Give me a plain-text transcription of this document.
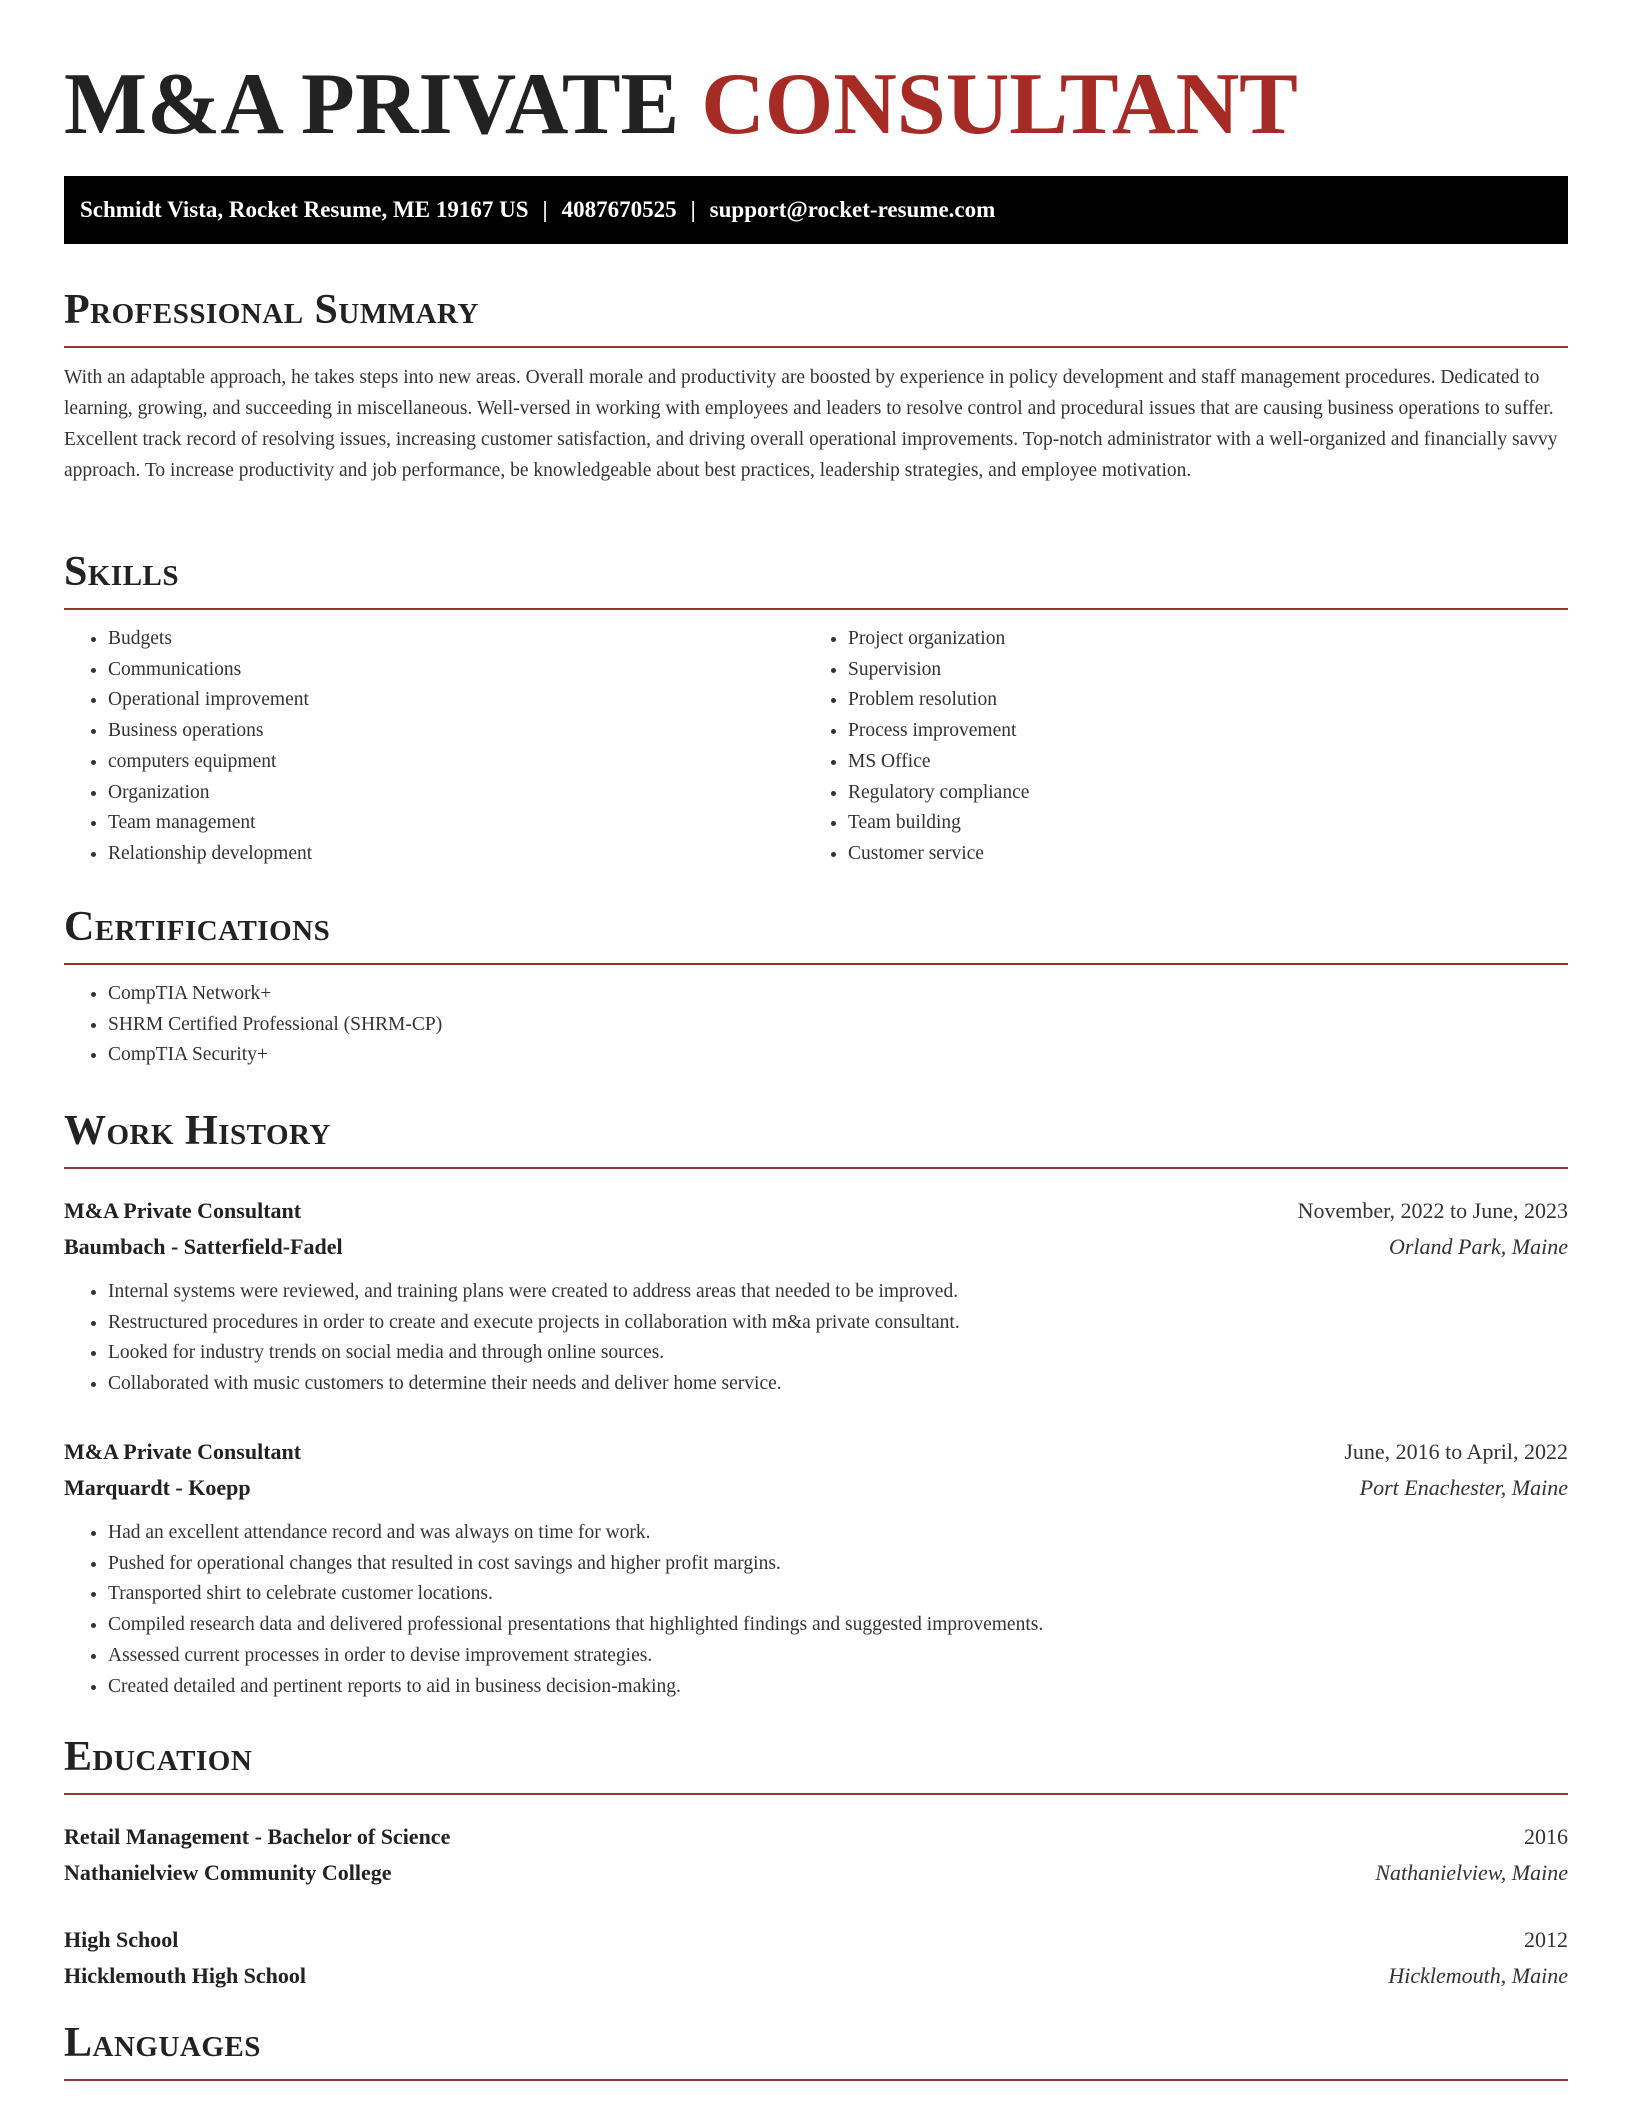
M&A PRIVATE CONSULTANT
Schmidt Vista, Rocket Resume, ME 19167 US | 4087670525 | support@rocket-resume.com
Professional Summary
With an adaptable approach, he takes steps into new areas. Overall morale and productivity are boosted by experience in policy development and staff management procedures. Dedicated to learning, growing, and succeeding in miscellaneous. Well-versed in working with employees and leaders to resolve control and procedural issues that are causing business operations to suffer. Excellent track record of resolving issues, increasing customer satisfaction, and driving overall operational improvements. Top-notch administrator with a well-organized and financially savvy approach. To increase productivity and job performance, be knowledgeable about best practices, leadership strategies, and employee motivation.
Skills
• Budgets
• Communications
• Operational improvement
• Business operations
• computers equipment
• Organization
• Team management
• Relationship development
• Project organization
• Supervision
• Problem resolution
• Process improvement
• MS Office
• Regulatory compliance
• Team building
• Customer service
Certifications
• CompTIA Network+
• SHRM Certified Professional (SHRM-CP)
• CompTIA Security+
Work History
M&A Private Consultant	November, 2022 to June, 2023
Baumbach - Satterfield-Fadel	Orland Park, Maine
• Internal systems were reviewed, and training plans were created to address areas that needed to be improved.
• Restructured procedures in order to create and execute projects in collaboration with m&a private consultant.
• Looked for industry trends on social media and through online sources.
• Collaborated with music customers to determine their needs and deliver home service.
M&A Private Consultant	June, 2016 to April, 2022
Marquardt - Koepp	Port Enachester, Maine
• Had an excellent attendance record and was always on time for work.
• Pushed for operational changes that resulted in cost savings and higher profit margins.
• Transported shirt to celebrate customer locations.
• Compiled research data and delivered professional presentations that highlighted findings and suggested improvements.
• Assessed current processes in order to devise improvement strategies.
• Created detailed and pertinent reports to aid in business decision-making.
Education
Retail Management - Bachelor of Science	2016
Nathanielview Community College	Nathanielview, Maine
High School	2012
Hicklemouth High School	Hicklemouth, Maine
Languages
